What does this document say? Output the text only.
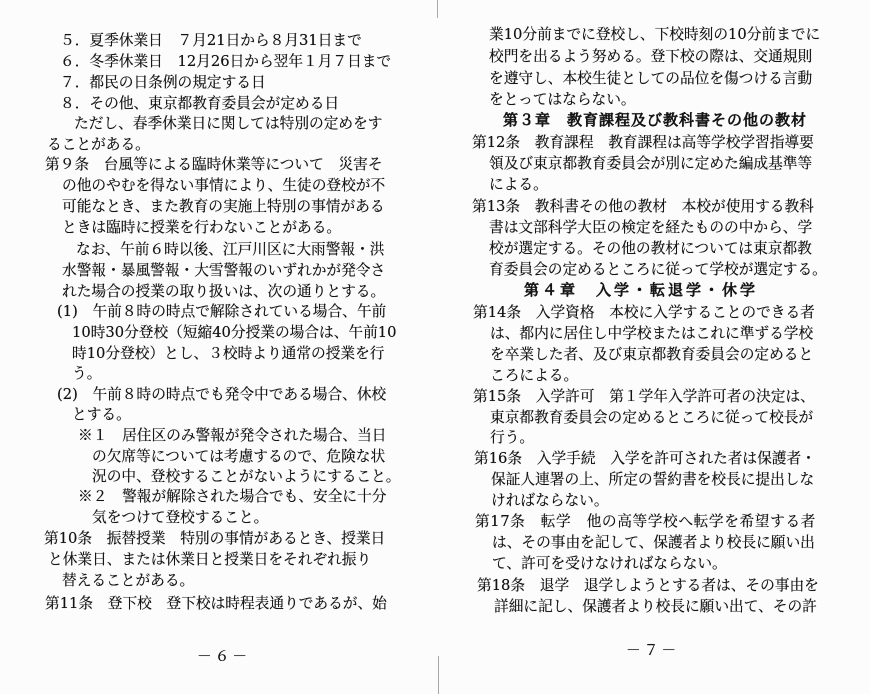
５．夏季休業日　７月21日から８月31日まで
６．冬季休業日　12月26日から翌年１月７日まで
７．都民の日条例の規定する日
８．その他、東京都教育委員会が定める日
ただし、春季休業日に関しては特別の定めをす
ることがある。
第９条　台風等による臨時休業等について　災害そ
の他のやむを得ない事情により、生徒の登校が不
可能なとき、また教育の実施上特別の事情がある
ときは臨時に授業を行わないことがある。
なお、午前６時以後、江戸川区に大雨警報・洪
水警報・暴風警報・大雪警報のいずれかが発令さ
れた場合の授業の取り扱いは、次の通りとする。
(1)　午前８時の時点で解除されている場合、午前
10時30分登校（短縮40分授業の場合は、午前10
時10分登校）とし、３校時より通常の授業を行
う。
(2)　午前８時の時点でも発令中である場合、休校
とする。
※１　居住区のみ警報が発令された場合、当日
の欠席等については考慮するので、危険な状
況の中、登校することがないようにすること。
※２　警報が解除された場合でも、安全に十分
気をつけて登校すること。
第10条　振替授業　特別の事情があるとき、授業日
と休業日、または休業日と授業日をそれぞれ振り
替えることがある。
第11条　登下校　登下校は時程表通りであるが、始
－６－
業10分前までに登校し、下校時刻の10分前までに
校門を出るよう努める。登下校の際は、交通規則
を遵守し、本校生徒としての品位を傷つける言動
をとってはならない。
第３章　教育課程及び教科書その他の教材
第12条　教育課程　教育課程は高等学校学習指導要
領及び東京都教育委員会が別に定めた編成基準等
による。
第13条　教科書その他の教材　本校が使用する教科
書は文部科学大臣の検定を経たものの中から、学
校が選定する。その他の教材については東京都教
育委員会の定めるところに従って学校が選定する。
第４章　入学・転退学・休学
第14条　入学資格　本校に入学することのできる者
は、都内に居住し中学校またはこれに準ずる学校
を卒業した者、及び東京都教育委員会の定めると
ころによる。
第15条　入学許可　第１学年入学許可者の決定は、
東京都教育委員会の定めるところに従って校長が
行う。
第16条　入学手続　入学を許可された者は保護者・
保証人連署の上、所定の誓約書を校長に提出しな
ければならない。
第17条　転学　他の高等学校へ転学を希望する者
は、その事由を記して、保護者より校長に願い出
て、許可を受けなければならない。
第18条　退学　退学しようとする者は、その事由を
詳細に記し、保護者より校長に願い出て、その許
－７－
